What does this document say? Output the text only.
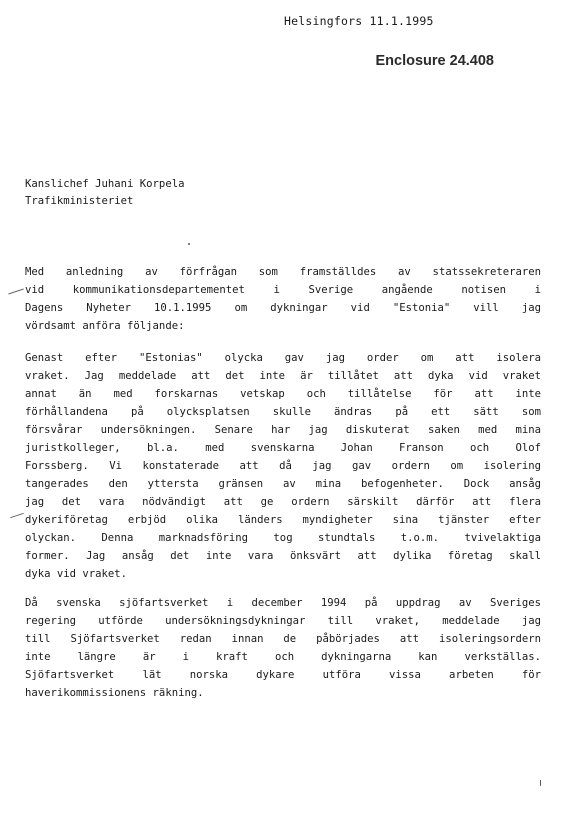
Helsingfors 11.1.1995
Enclosure 24.408
Kanslichef Juhani Korpela
Trafikministeriet
Med anledning av förfrågan som framställdes av statssekreteraren
vid kommunikationsdepartementet i Sverige angående notisen i
Dagens Nyheter 10.1.1995 om dykningar vid "Estonia" vill jag
vördsamt anföra följande:
Genast efter "Estonias" olycka gav jag order om att isolera
vraket. Jag meddelade att det inte är tillåtet att dyka vid vraket
annat än med forskarnas vetskap och tillåtelse för att inte
förhållandena på olycksplatsen skulle ändras på ett sätt som
försvårar undersökningen. Senare har jag diskuterat saken med mina
juristkolleger, bl.a. med svenskarna Johan Franson och Olof
Forssberg. Vi konstaterade att då jag gav ordern om isolering
tangerades den yttersta gränsen av mina befogenheter. Dock ansåg
jag det vara nödvändigt att ge ordern särskilt därför att flera
dykeriföretag erbjöd olika länders myndigheter sina tjänster efter
olyckan. Denna marknadsföring tog stundtals t.o.m. tvivelaktiga
former. Jag ansåg det inte vara önksvärt att dylika företag skall
dyka vid vraket.
Då svenska sjöfartsverket i december 1994 på uppdrag av Sveriges
regering utförde undersökningsdykningar till vraket, meddelade jag
till Sjöfartsverket redan innan de påbörjades att isoleringsordern
inte längre är i kraft och dykningarna kan verkställas.
Sjöfartsverket lät norska dykare utföra vissa arbeten för
haverikommissionens räkning.
